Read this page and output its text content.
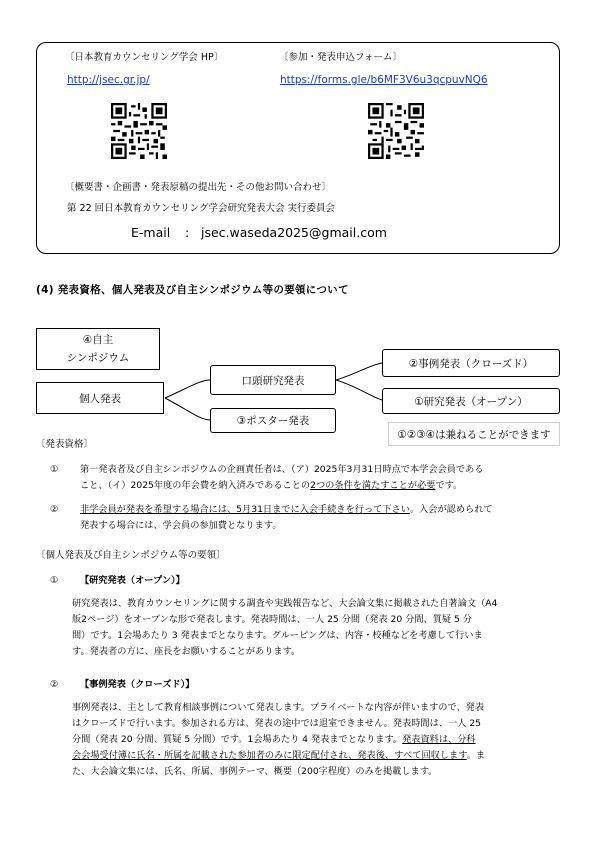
〔日本教育カウンセリング学会 HP〕	〔参加・発表申込フォーム〕
http://jsec.gr.jp/	https://forms.gle/b6MF3V6u3qcpuvNQ6
〔概要書・企画書・発表原稿の提出先・その他お問い合わせ〕
第 22 回日本教育カウンセリング学会研究発表大会 実行委員会
E-mail : jsec.waseda2025@gmail.com
(4) 発表資格、個人発表及び自主シンポジウム等の要領について
④自主
シンポジウム
個人発表
口頭研究発表
③ポスター発表
②事例発表（クローズド）
①研究発表（オープン）
①②③④は兼ねることができます
〔発表資格〕
① 第一発表者及び自主シンポジウムの企画責任者は、（ア）2025年3月31日時点で本学会会員である
こと、（イ）2025年度の年会費を納入済みであることの2つの条件を満たすことが必要です。
② 非学会員が発表を希望する場合には、5月31日までに入会手続きを行って下さい。入会が認められて
発表する場合には、学会員の参加費となります。
〔個人発表及び自主シンポジウム等の要領〕
① 【研究発表（オープン）】
研究発表は、教育カウンセリングに関する調査や実践報告など、大会論文集に掲載された自著論文（A4
版2ページ）をオープンな形で発表します。発表時間は、一人 25 分間（発表 20 分間、質疑 5 分
間）です。1会場あたり 3 発表までとなります。グルーピングは、内容・校種などを考慮して行いま
す。発表者の方に、座長をお願いすることがあります。
② 【事例発表（クローズド）】
事例発表は、主として教育相談事例について発表します。プライベートな内容が伴いますので、発表
はクローズドで行います。参加される方は、発表の途中では退室できません。発表時間は、一人 25
分間（発表 20 分間、質疑 5 分間）です。1会場あたり 4 発表までとなります。発表資料は、分科
会会場受付簿に氏名・所属を記載された参加者のみに限定配付され、発表後、すべて回収します。ま
た、大会論文集には、氏名、所属、事例テーマ、概要（200字程度）のみを掲載します。
